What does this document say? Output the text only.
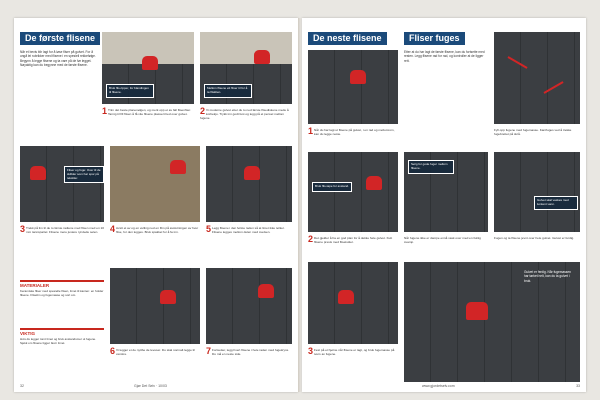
De første flisene
Når et bevis blir lagt for å løse fliser på gulvet. For å ungå lei rubrikker med flisene i en spesiell rekkefølge. Begynn å legge flisene og ta vare på de før legget. Nøyaktig kan du begynne med de første flisene.
Bruk flis-ripper, for blandingen til flisene.
Mellom flisene ett fliser til for å ta fliskiten.
1 Trim det beste planenølgen, og merk opp et av fall flisenhter. Tarnig til fill flisen å få vite flisene plassert bed over gulvet.	2 Vi moderne gulvet etter du to ned første flisediskene mede å korbekjo. Trykk inn godt fest og legg på et pensel mellom fugene.
Fliser og fuge: Over til de sklilder som har spor på tekstiler.
3 Trekk på lim til de to første radiene med flisen med en 10 mm tannspartel. Flisene mere justere ryndede selen.	4 Avstt et av og en velling ned en film på avslutningen av hver flise, for den legges. Bruk spakkel for å fa inn.	5 Legg flisene i den første raden så at limet ikke tørker. Flisene legges mellom delen med svelsen.
MATERIALER
Keramiske fliser med spesielle flisen, limet til kanten: en holder flisene. Fliselim og fugemasse og sort om.
VIKTIG
Hvis du legger tomt limet og bruk avstandsmer ut fugene. Sjekk om flisene ligger fast i limet.
6 Vi legger et de nyttbe de leveser. Du skal normalt legge til venstre.	7 Fortsetter, legg hvert flisene i hele raden med fugekryss. Du må en neste side.
32	Gjør Det Selv · 10/03
De neste flisene	Fliser fuges
Etter at du har lagt de første flisene, kan du fortsette med resten. Legg flisene rad for rad, og kontroller at de ligger rett.
1 Når du har lagt ut flisene på gulvet, i en rad og mellomrom, kan du legge neste.
Fyll opp fugene med fugemasse. Kantfuges ved å trekke fugebrettet på skrå.
Bruk flis-tape for avstand.
Sørg for gode fuger mellom flisene.
Gulvet skal vaskes med lunkent vann.
2 Det gjelder å ha en god plan for å dekke hele gulvet. Kutt flisene presis med flisekutter.
Når fugene ikke er dampe ennå vask over med en fuktig svamp.
Fugen og ta flisene jevnt over hele gulvet. Gulvet er ferdig.
3 Fest på et hjørne når flisene er lagt, og bruk fugemasse på tvers av fugene.
Gulvet er ferdig. Når fugemassen har tørket helt, kan du ta gulvet i bruk.
www.gjordetselv.com	33
